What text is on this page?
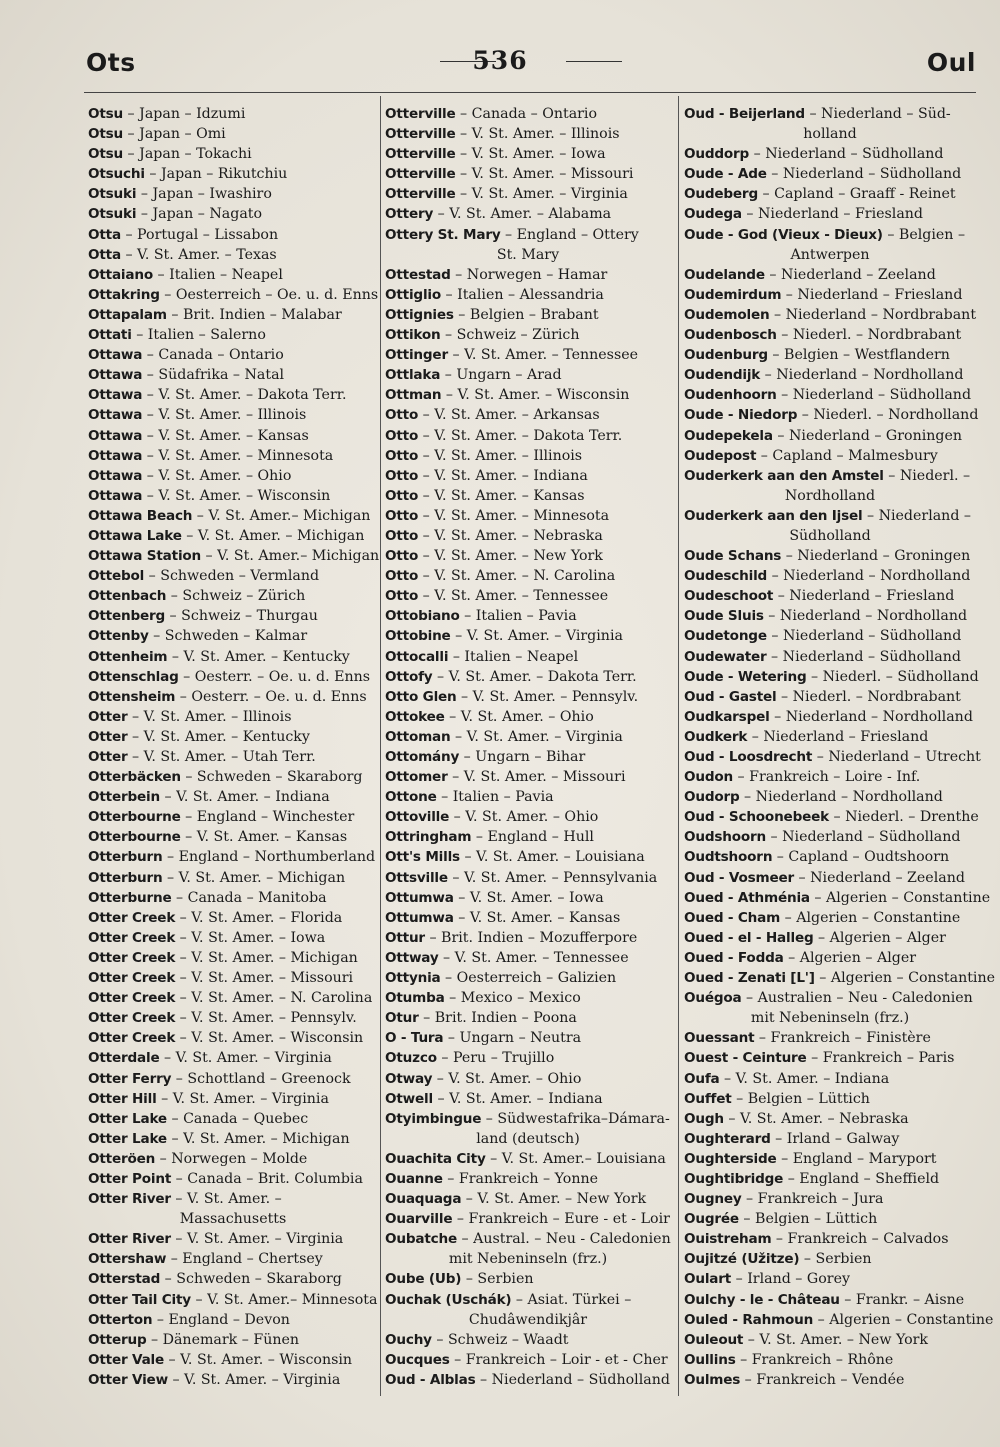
Ots	536	Oul
Otsu – Japan – Idzumi
Otsu – Japan – Omi
Otsu – Japan – Tokachi
Otsuchi – Japan – Rikutchiu
Otsuki – Japan – Iwashiro
Otsuki – Japan – Nagato
Otta – Portugal – Lissabon
Otta – V. St. Amer. – Texas
Ottaiano – Italien – Neapel
Ottakring – Oesterreich – Oe. u. d. Enns
Ottapalam – Brit. Indien – Malabar
Ottati – Italien – Salerno
Ottawa – Canada – Ontario
Ottawa – Südafrika – Natal
Ottawa – V. St. Amer. – Dakota Terr.
Ottawa – V. St. Amer. – Illinois
Ottawa – V. St. Amer. – Kansas
Ottawa – V. St. Amer. – Minnesota
Ottawa – V. St. Amer. – Ohio
Ottawa – V. St. Amer. – Wisconsin
Ottawa Beach – V. St. Amer.– Michigan
Ottawa Lake – V. St. Amer. – Michigan
Ottawa Station – V. St. Amer.– Michigan
Ottebol – Schweden – Vermland
Ottenbach – Schweiz – Zürich
Ottenberg – Schweiz – Thurgau
Ottenby – Schweden – Kalmar
Ottenheim – V. St. Amer. – Kentucky
Ottenschlag – Oesterr. – Oe. u. d. Enns
Ottensheim – Oesterr. – Oe. u. d. Enns
Otter – V. St. Amer. – Illinois
Otter – V. St. Amer. – Kentucky
Otter – V. St. Amer. – Utah Terr.
Otterbäcken – Schweden – Skaraborg
Otterbein – V. St. Amer. – Indiana
Otterbourne – England – Winchester
Otterbourne – V. St. Amer. – Kansas
Otterburn – England – Northumberland
Otterburn – V. St. Amer. – Michigan
Otterburne – Canada – Manitoba
Otter Creek – V. St. Amer. – Florida
Otter Creek – V. St. Amer. – Iowa
Otter Creek – V. St. Amer. – Michigan
Otter Creek – V. St. Amer. – Missouri
Otter Creek – V. St. Amer. – N. Carolina
Otter Creek – V. St. Amer. – Pennsylv.
Otter Creek – V. St. Amer. – Wisconsin
Otterdale – V. St. Amer. – Virginia
Otter Ferry – Schottland – Greenock
Otter Hill – V. St. Amer. – Virginia
Otter Lake – Canada – Quebec
Otter Lake – V. St. Amer. – Michigan
Otteröen – Norwegen – Molde
Otter Point – Canada – Brit. Columbia
Otter River – V. St. Amer. –
Massachusetts
Otter River – V. St. Amer. – Virginia
Ottershaw – England – Chertsey
Otterstad – Schweden – Skaraborg
Otter Tail City – V. St. Amer.– Minnesota
Otterton – England – Devon
Otterup – Dänemark – Fünen
Otter Vale – V. St. Amer. – Wisconsin
Otter View – V. St. Amer. – Virginia
Otterville – Canada – Ontario
Otterville – V. St. Amer. – Illinois
Otterville – V. St. Amer. – Iowa
Otterville – V. St. Amer. – Missouri
Otterville – V. St. Amer. – Virginia
Ottery – V. St. Amer. – Alabama
Ottery St. Mary – England – Ottery
St. Mary
Ottestad – Norwegen – Hamar
Ottiglio – Italien – Alessandria
Ottignies – Belgien – Brabant
Ottikon – Schweiz – Zürich
Ottinger – V. St. Amer. – Tennessee
Ottlaka – Ungarn – Arad
Ottman – V. St. Amer. – Wisconsin
Otto – V. St. Amer. – Arkansas
Otto – V. St. Amer. – Dakota Terr.
Otto – V. St. Amer. – Illinois
Otto – V. St. Amer. – Indiana
Otto – V. St. Amer. – Kansas
Otto – V. St. Amer. – Minnesota
Otto – V. St. Amer. – Nebraska
Otto – V. St. Amer. – New York
Otto – V. St. Amer. – N. Carolina
Otto – V. St. Amer. – Tennessee
Ottobiano – Italien – Pavia
Ottobine – V. St. Amer. – Virginia
Ottocalli – Italien – Neapel
Ottofy – V. St. Amer. – Dakota Terr.
Otto Glen – V. St. Amer. – Pennsylv.
Ottokee – V. St. Amer. – Ohio
Ottoman – V. St. Amer. – Virginia
Ottomány – Ungarn – Bihar
Ottomer – V. St. Amer. – Missouri
Ottone – Italien – Pavia
Ottoville – V. St. Amer. – Ohio
Ottringham – England – Hull
Ott's Mills – V. St. Amer. – Louisiana
Ottsville – V. St. Amer. – Pennsylvania
Ottumwa – V. St. Amer. – Iowa
Ottumwa – V. St. Amer. – Kansas
Ottur – Brit. Indien – Mozufferpore
Ottway – V. St. Amer. – Tennessee
Ottynia – Oesterreich – Galizien
Otumba – Mexico – Mexico
Otur – Brit. Indien – Poona
O - Tura – Ungarn – Neutra
Otuzco – Peru – Trujillo
Otway – V. St. Amer. – Ohio
Otwell – V. St. Amer. – Indiana
Otyimbingue – Südwestafrika–Dámara-
land (deutsch)
Ouachita City – V. St. Amer.– Louisiana
Ouanne – Frankreich – Yonne
Ouaquaga – V. St. Amer. – New York
Ouarville – Frankreich – Eure - et - Loir
Oubatche – Austral. – Neu - Caledonien
mit Nebeninseln (frz.)
Oube (Ub) – Serbien
Ouchak (Uschák) – Asiat. Türkei –
Chudâwendikjâr
Ouchy – Schweiz – Waadt
Oucques – Frankreich – Loir - et - Cher
Oud - Alblas – Niederland – Südholland
Oud - Beijerland – Niederland – Süd-
holland
Ouddorp – Niederland – Südholland
Oude - Ade – Niederland – Südholland
Oudeberg – Capland – Graaff - Reinet
Oudega – Niederland – Friesland
Oude - God (Vieux - Dieux) – Belgien –
Antwerpen
Oudelande – Niederland – Zeeland
Oudemirdum – Niederland – Friesland
Oudemolen – Niederland – Nordbrabant
Oudenbosch – Niederl. – Nordbrabant
Oudenburg – Belgien – Westflandern
Oudendijk – Niederland – Nordholland
Oudenhoorn – Niederland – Südholland
Oude - Niedorp – Niederl. – Nordholland
Oudepekela – Niederland – Groningen
Oudepost – Capland – Malmesbury
Ouderkerk aan den Amstel – Niederl. –
Nordholland
Ouderkerk aan den Ijsel – Niederland –
Südholland
Oude Schans – Niederland – Groningen
Oudeschild – Niederland – Nordholland
Oudeschoot – Niederland – Friesland
Oude Sluis – Niederland – Nordholland
Oudetonge – Niederland – Südholland
Oudewater – Niederland – Südholland
Oude - Wetering – Niederl. – Südholland
Oud - Gastel – Niederl. – Nordbrabant
Oudkarspel – Niederland – Nordholland
Oudkerk – Niederland – Friesland
Oud - Loosdrecht – Niederland – Utrecht
Oudon – Frankreich – Loire - Inf.
Oudorp – Niederland – Nordholland
Oud - Schoonebeek – Niederl. – Drenthe
Oudshoorn – Niederland – Südholland
Oudtshoorn – Capland – Oudtshoorn
Oud - Vosmeer – Niederland – Zeeland
Oued - Athménia – Algerien – Constantine
Oued - Cham – Algerien – Constantine
Oued - el - Halleg – Algerien – Alger
Oued - Fodda – Algerien – Alger
Oued - Zenati [L'] – Algerien – Constantine
Ouégoa – Australien – Neu - Caledonien
mit Nebeninseln (frz.)
Ouessant – Frankreich – Finistère
Ouest - Ceinture – Frankreich – Paris
Oufa – V. St. Amer. – Indiana
Ouffet – Belgien – Lüttich
Ough – V. St. Amer. – Nebraska
Oughterard – Irland – Galway
Oughterside – England – Maryport
Oughtibridge – England – Sheffield
Ougney – Frankreich – Jura
Ougrée – Belgien – Lüttich
Ouistreham – Frankreich – Calvados
Oujitzé (Užitze) – Serbien
Oulart – Irland – Gorey
Oulchy - le - Château – Frankr. – Aisne
Ouled - Rahmoun – Algerien – Constantine
Ouleout – V. St. Amer. – New York
Oullins – Frankreich – Rhône
Oulmes – Frankreich – Vendée
